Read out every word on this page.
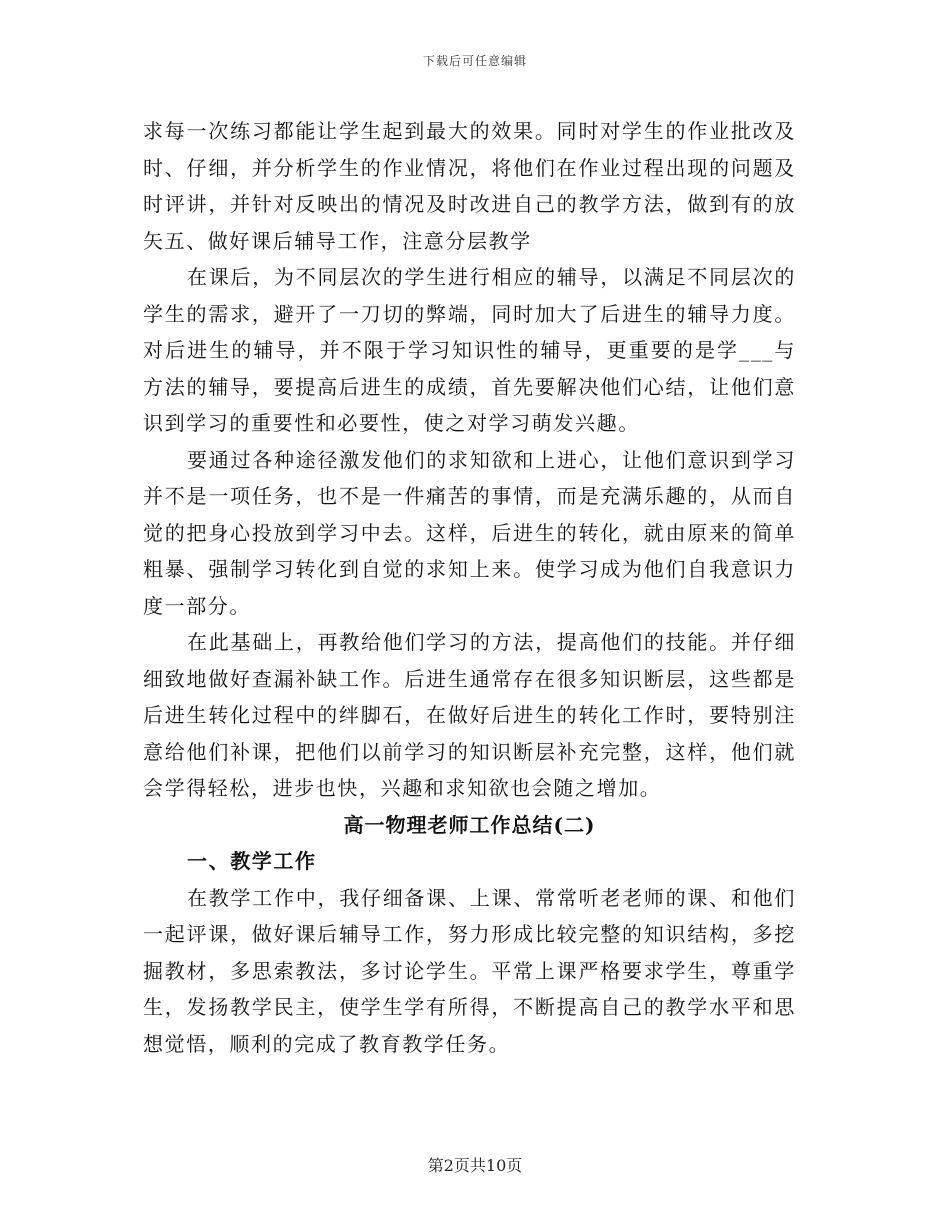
下载后可任意编辑

求每一次练习都能让学生起到最大的效果。同时对学生的作业批改及时、仔细，并分析学生的作业情况，将他们在作业过程出现的问题及时评讲，并针对反映出的情况及时改进自己的教学方法，做到有的放矢五、做好课后辅导工作，注意分层教学

在课后，为不同层次的学生进行相应的辅导，以满足不同层次的学生的需求，避开了一刀切的弊端，同时加大了后进生的辅导力度。对后进生的辅导，并不限于学习知识性的辅导，更重要的是学___与方法的辅导，要提高后进生的成绩，首先要解决他们心结，让他们意识到学习的重要性和必要性，使之对学习萌发兴趣。

要通过各种途径激发他们的求知欲和上进心，让他们意识到学习并不是一项任务，也不是一件痛苦的事情，而是充满乐趣的，从而自觉的把身心投放到学习中去。这样，后进生的转化，就由原来的简单粗暴、强制学习转化到自觉的求知上来。使学习成为他们自我意识力度一部分。

在此基础上，再教给他们学习的方法，提高他们的技能。并仔细细致地做好查漏补缺工作。后进生通常存在很多知识断层，这些都是后进生转化过程中的绊脚石，在做好后进生的转化工作时，要特别注意给他们补课，把他们以前学习的知识断层补充完整，这样，他们就会学得轻松，进步也快，兴趣和求知欲也会随之增加。

高一物理老师工作总结(二)

一、教学工作

在教学工作中，我仔细备课、上课、常常听老老师的课、和他们一起评课，做好课后辅导工作，努力形成比较完整的知识结构，多挖掘教材，多思索教法，多讨论学生。平常上课严格要求学生，尊重学生，发扬教学民主，使学生学有所得，不断提高自己的教学水平和思想觉悟，顺利的完成了教育教学任务。

第2页共10页
